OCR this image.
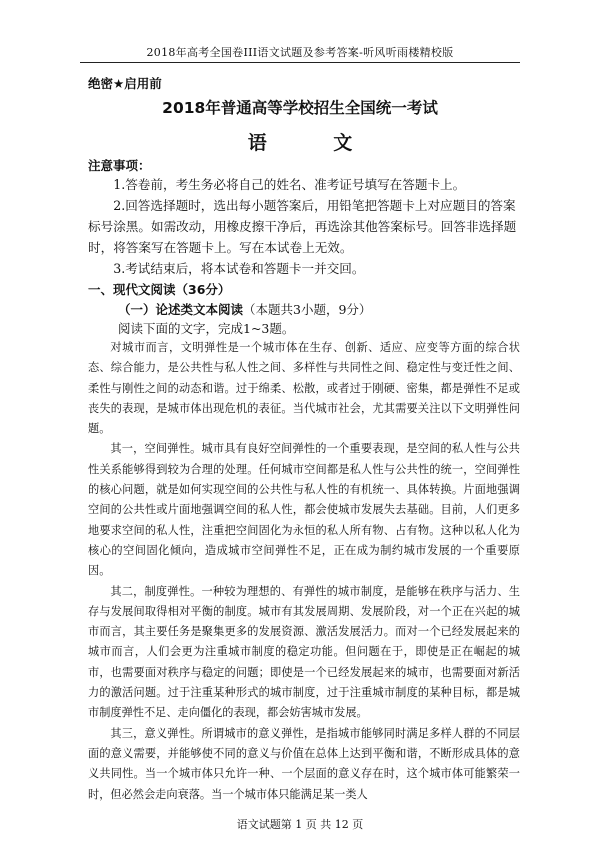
2018年高考全国卷III语文试题及参考答案-听风听雨楼精校版
绝密★启用前
2018年普通高等学校招生全国统一考试
语 文
注意事项：

1.答卷前，考生务必将自己的姓名、准考证号填写在答题卡上。

2.回答选择题时，选出每小题答案后，用铅笔把答题卡上对应题目的答案标号涂黑。如需改动，用橡皮擦干净后，再选涂其他答案标号。回答非选择题时，将答案写在答题卡上。写在本试卷上无效。

3.考试结束后，将本试卷和答题卡一并交回。

一、现代文阅读（36分）
（一）论述类文本阅读（本题共3小题，9分）
阅读下面的文字，完成1~3题。

对城市而言，文明弹性是一个城市体在生存、创新、适应、应变等方面的综合状态、综合能力，是公共性与私人性之间、多样性与共同性之间、稳定性与变迁性之间、柔性与刚性之间的动态和谐。过于绵柔、松散，或者过于刚硬、密集，都是弹性不足或丧失的表现，是城市体出现危机的表征。当代城市社会，尤其需要关注以下文明弹性问题。

其一，空间弹性。城市具有良好空间弹性的一个重要表现，是空间的私人性与公共性关系能够得到较为合理的处理。任何城市空间都是私人性与公共性的统一，空间弹性的核心问题，就是如何实现空间的公共性与私人性的有机统一、具体转换。片面地强调空间的公共性或片面地强调空间的私人性，都会使城市发展失去基础。目前，人们更多地要求空间的私人性，注重把空间固化为永恒的私人所有物、占有物。这种以私人化为核心的空间固化倾向，造成城市空间弹性不足，正在成为制约城市发展的一个重要原因。

其二，制度弹性。一种较为理想的、有弹性的城市制度，是能够在秩序与活力、生存与发展间取得相对平衡的制度。城市有其发展周期、发展阶段，对一个正在兴起的城市而言，其主要任务是聚集更多的发展资源、激活发展活力。而对一个已经发展起来的城市而言，人们会更为注重城市制度的稳定功能。但问题在于，即使是正在崛起的城市，也需要面对秩序与稳定的问题；即使是一个已经发展起来的城市，也需要面对新活力的激活问题。过于注重某种形式的城市制度，过于注重城市制度的某种目标，都是城市制度弹性不足、走向僵化的表现，都会妨害城市发展。

其三，意义弹性。所谓城市的意义弹性，是指城市能够同时满足多样人群的不同层面的意义需要，并能够使不同的意义与价值在总体上达到平衡和谐，不断形成具体的意义共同性。当一个城市体只允许一种、一个层面的意义存在时，这个城市体可能繁荣一时，但必然会走向衰落。当一个城市体只能满足某一类人

语文试题第 1 页 共 12 页
